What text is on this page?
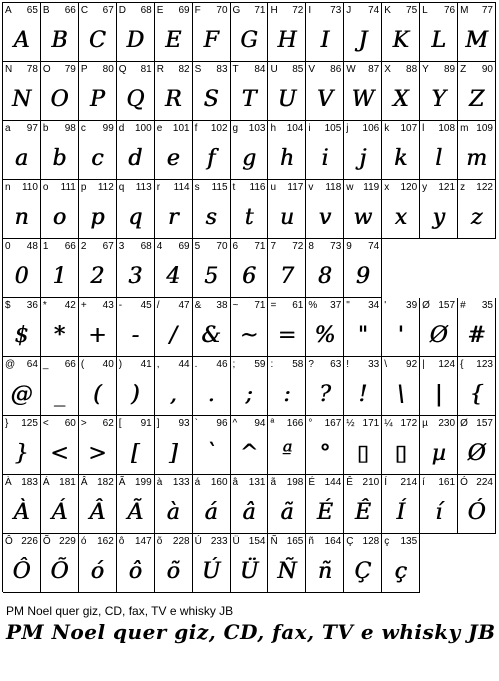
A 65
A
B 66
B
C 67
C
D 68
D
E 69
E
F 70
F
G 71
G
H 72
H
I 73
I
J 74
J
K 75
K
L 76
L
M 77
M
N 78
N
O 79
O
P 80
P
Q 81
Q
R 82
R
S 83
S
T 84
T
U 85
U
V 86
V
W 87
W
X 88
X
Y 89
Y
Z 90
Z
a 97
a
b 98
b
c 99
c
d 100
d
e 101
e
f 102
f
g 103
g
h 104
h
i 105
i
j 106
j
k 107
k
l 108
l
m 109
m
n 110
n
o 111
o
p 112
p
q 113
q
r 114
r
s 115
s
t 116
t
u 117
u
v 118
v
w 119
w
x 120
x
y 121
y
z 122
z
0 48
0
1 66
1
2 67
2
3 68
3
4 69
4
5 70
5
6 71
6
7 72
7
8 73
8
9 74
9
$ 36
$
* 42
*
+ 43
+
- 45
-
/ 47
/
& 38
&
~ 71
~
= 61
=
% 37
%
" 34
"
' 39
'
Ø 157
Ø
# 35
#
@ 64
@
_ 66
_
( 40
(
) 41
)
, 44
,
. 46
.
; 59
;
: 58
:
? 63
?
! 33
!
\ 92
\
| 124
|
{ 123
{
} 125
}
< 60
<
> 62
>
[ 91
[
] 93
]
` 96
`
^ 94
^
ª 166
ª
° 167
°
½ 171
▯
¼ 172
▯
µ 230
µ
Ø 157
Ø
À 183
À
Á 181
Á
Â 182
Â
Ã 199
Ã
à 133
à
á 160
á
â 131
â
ã 198
ã
É 144
É
Ê 210
Ê
Í 214
Í
í 161
í
Ó 224
Ó
Ô 226
Ô
Õ 229
Õ
ó 162
ó
ô 147
ô
õ 228
õ
Ú 233
Ú
Ü 154
Ü
Ñ 165
Ñ
ñ 164
ñ
Ç 128
Ç
ç 135
ç
PM Noel quer giz, CD, fax, TV e whisky JB
PM Noel quer giz, CD, fax, TV e whisky JB
